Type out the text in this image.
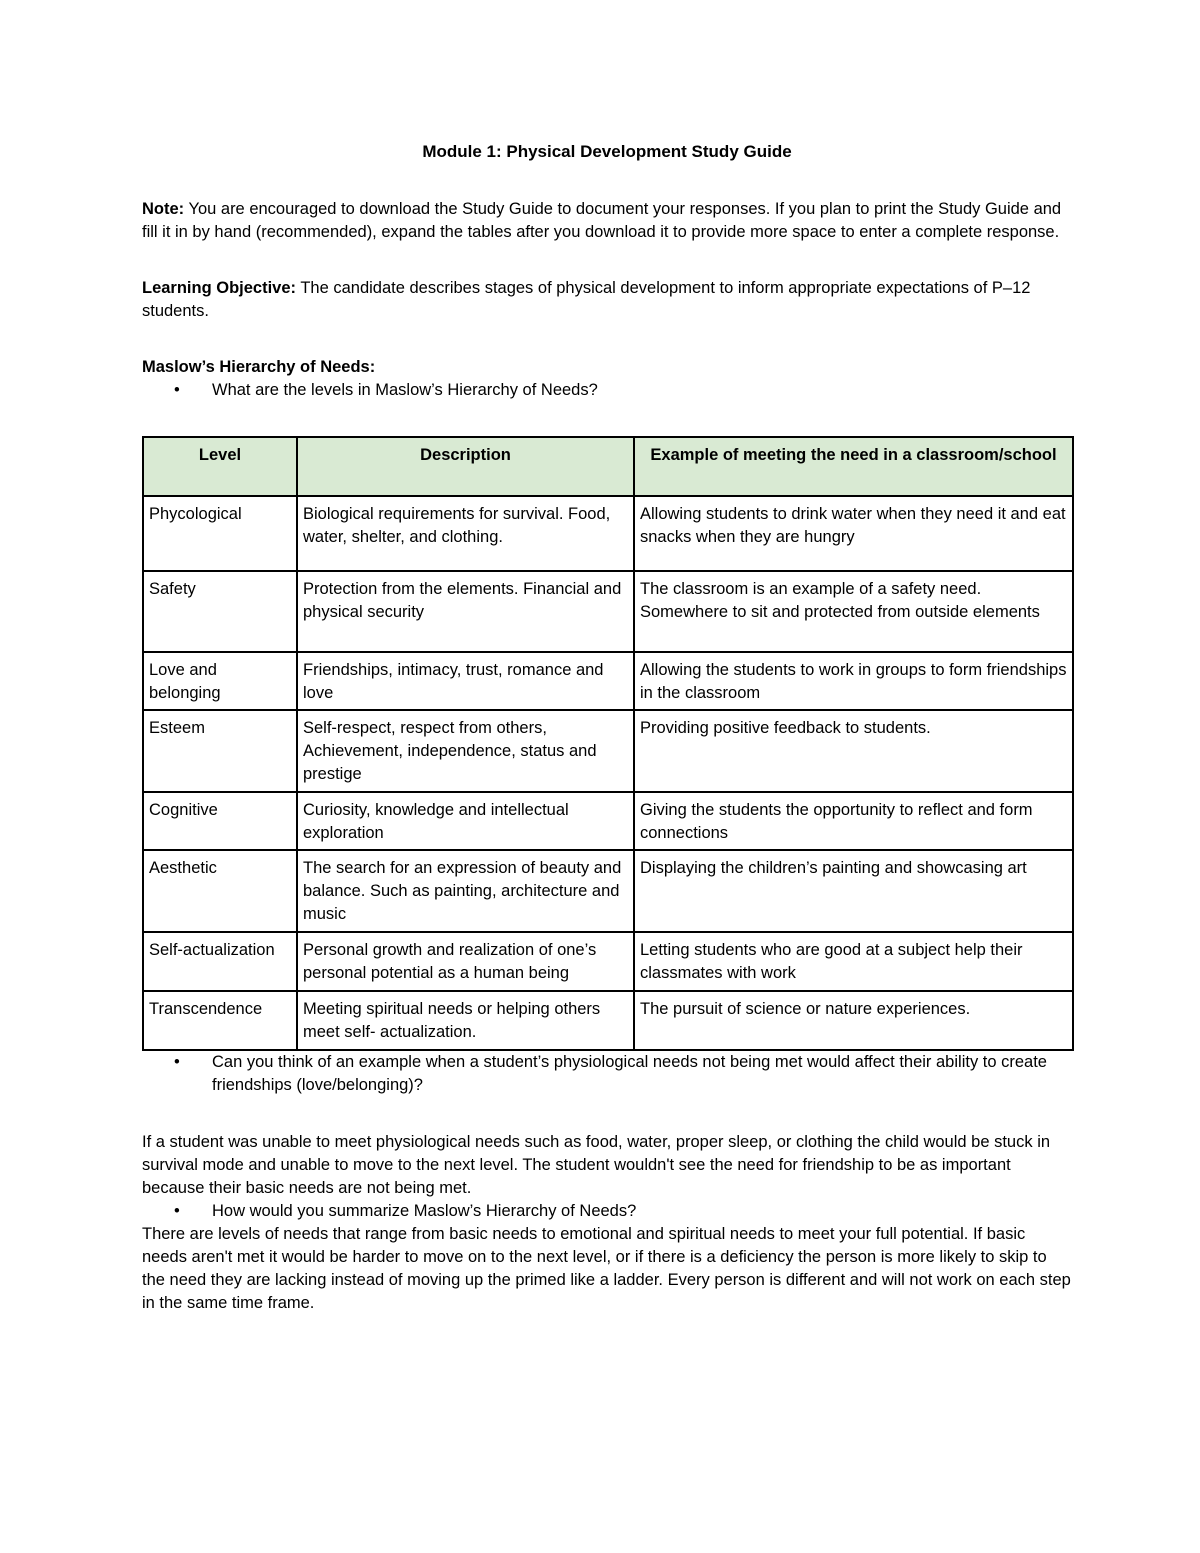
Module 1: Physical Development Study Guide

Note: You are encouraged to download the Study Guide to document your responses. If you plan to print the Study Guide and fill it in by hand (recommended), expand the tables after you download it to provide more space to enter a complete response.

Learning Objective: The candidate describes stages of physical development to inform appropriate expectations of P–12 students.

Maslow’s Hierarchy of Needs:

• What are the levels in Maslow’s Hierarchy of Needs?
Level	Description	Example of meeting the need in a classroom/school
Phycological	Biological requirements for survival. Food, water, shelter, and clothing.	Allowing students to drink water when they need it and eat snacks when they are hungry
Safety	Protection from the elements. Financial and physical security	The classroom is an example of a safety need. Somewhere to sit and protected from outside elements
Love and belonging	Friendships, intimacy, trust, romance and love	Allowing the students to work in groups to form friendships in the classroom
Esteem	Self-respect, respect from others, Achievement, independence, status and prestige	Providing positive feedback to students.
Cognitive	Curiosity, knowledge and intellectual exploration	Giving the students the opportunity to reflect and form connections
Aesthetic	The search for an expression of beauty and balance. Such as painting, architecture and music	Displaying the children’s painting and showcasing art
Self-actualization	Personal growth and realization of one’s personal potential as a human being	Letting students who are good at a subject help their classmates with work
Transcendence	Meeting spiritual needs or helping others meet self- actualization.	The pursuit of science or nature experiences.
• Can you think of an example when a student’s physiological needs not being met would affect their ability to create friendships (love/belonging)?

If a student was unable to meet physiological needs such as food, water, proper sleep, or clothing the child would be stuck in survival mode and unable to move to the next level. The student wouldn't see the need for friendship to be as important because their basic needs are not being met.

• How would you summarize Maslow’s Hierarchy of Needs?

There are levels of needs that range from basic needs to emotional and spiritual needs to meet your full potential. If basic needs aren't met it would be harder to move on to the next level, or if there is a deficiency the person is more likely to skip to the need they are lacking instead of moving up the primed like a ladder. Every person is different and will not work on each step in the same time frame.
